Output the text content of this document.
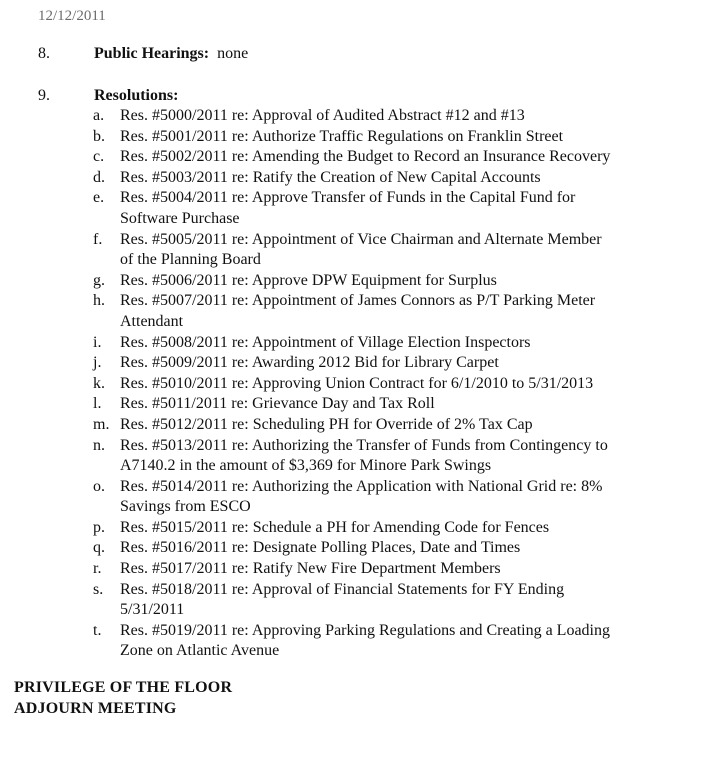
12/12/2011
8.	Public Hearings: none
9.	Resolutions:
a. Res. #5000/2011 re: Approval of Audited Abstract #12 and #13
b. Res. #5001/2011 re: Authorize Traffic Regulations on Franklin Street
c. Res. #5002/2011 re: Amending the Budget to Record an Insurance Recovery
d. Res. #5003/2011 re: Ratify the Creation of New Capital Accounts
e. Res. #5004/2011 re: Approve Transfer of Funds in the Capital Fund for
Software Purchase
f. Res. #5005/2011 re: Appointment of Vice Chairman and Alternate Member
of the Planning Board
g. Res. #5006/2011 re: Approve DPW Equipment for Surplus
h. Res. #5007/2011 re: Appointment of James Connors as P/T Parking Meter
Attendant
i. Res. #5008/2011 re: Appointment of Village Election Inspectors
j. Res. #5009/2011 re: Awarding 2012 Bid for Library Carpet
k. Res. #5010/2011 re: Approving Union Contract for 6/1/2010 to 5/31/2013
l. Res. #5011/2011 re: Grievance Day and Tax Roll
m. Res. #5012/2011 re: Scheduling PH for Override of 2% Tax Cap
n. Res. #5013/2011 re: Authorizing the Transfer of Funds from Contingency to
A7140.2 in the amount of $3,369 for Minore Park Swings
o. Res. #5014/2011 re: Authorizing the Application with National Grid re: 8%
Savings from ESCO
p. Res. #5015/2011 re: Schedule a PH for Amending Code for Fences
q. Res. #5016/2011 re: Designate Polling Places, Date and Times
r. Res. #5017/2011 re: Ratify New Fire Department Members
s. Res. #5018/2011 re: Approval of Financial Statements for FY Ending
5/31/2011
t. Res. #5019/2011 re: Approving Parking Regulations and Creating a Loading
Zone on Atlantic Avenue
PRIVILEGE OF THE FLOOR
ADJOURN MEETING
